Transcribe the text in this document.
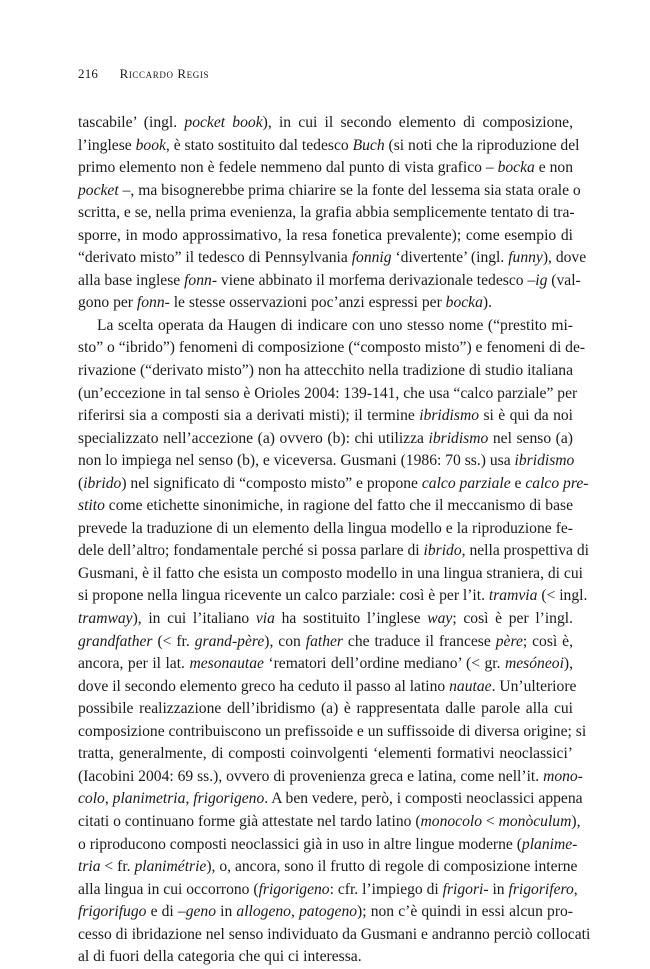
216 Riccardo Regis
tascabile’ (ingl. pocket book), in cui il secondo elemento di composizione,
l’inglese book, è stato sostituito dal tedesco Buch (si noti che la riproduzione del
primo elemento non è fedele nemmeno dal punto di vista grafico – bocka e non
pocket –, ma bisognerebbe prima chiarire se la fonte del lessema sia stata orale o
scritta, e se, nella prima evenienza, la grafia abbia semplicemente tentato di tra-
sporre, in modo approssimativo, la resa fonetica prevalente); come esempio di
“derivato misto” il tedesco di Pennsylvania fonnig ‘divertente’ (ingl. funny), dove
alla base inglese fonn- viene abbinato il morfema derivazionale tedesco –ig (val-
gono per fonn- le stesse osservazioni poc’anzi espressi per bocka).
La scelta operata da Haugen di indicare con uno stesso nome (“prestito mi-
sto” o “ibrido”) fenomeni di composizione (“composto misto”) e fenomeni di de-
rivazione (“derivato misto”) non ha attecchito nella tradizione di studio italiana
(un’eccezione in tal senso è Orioles 2004: 139-141, che usa “calco parziale” per
riferirsi sia a composti sia a derivati misti); il termine ibridismo si è qui da noi
specializzato nell’accezione (a) ovvero (b): chi utilizza ibridismo nel senso (a)
non lo impiega nel senso (b), e viceversa. Gusmani (1986: 70 ss.) usa ibridismo
(ibrido) nel significato di “composto misto” e propone calco parziale e calco pre-
stito come etichette sinonimiche, in ragione del fatto che il meccanismo di base
prevede la traduzione di un elemento della lingua modello e la riproduzione fe-
dele dell’altro; fondamentale perché si possa parlare di ibrido, nella prospettiva di
Gusmani, è il fatto che esista un composto modello in una lingua straniera, di cui
si propone nella lingua ricevente un calco parziale: così è per l’it. tramvia (< ingl.
tramway), in cui l’italiano via ha sostituito l’inglese way; così è per l’ingl.
grandfather (< fr. grand-père), con father che traduce il francese père; così è,
ancora, per il lat. mesonautae ‘rematori dell’ordine mediano’ (< gr. mesóneoi),
dove il secondo elemento greco ha ceduto il passo al latino nautae. Un’ulteriore
possibile realizzazione dell’ibridismo (a) è rappresentata dalle parole alla cui
composizione contribuiscono un prefissoide e un suffissoide di diversa origine; si
tratta, generalmente, di composti coinvolgenti ‘elementi formativi neoclassici’
(Iacobini 2004: 69 ss.), ovvero di provenienza greca e latina, come nell’it. mono-
colo, planimetria, frigorigeno. A ben vedere, però, i composti neoclassici appena
citati o continuano forme già attestate nel tardo latino (monocolo < monòculum),
o riproducono composti neoclassici già in uso in altre lingue moderne (planime-
tria < fr. planimétrie), o, ancora, sono il frutto di regole di composizione interne
alla lingua in cui occorrono (frigorigeno: cfr. l’impiego di frigori- in frigorifero,
frigorifugo e di –geno in allogeno, patogeno); non c’è quindi in essi alcun pro-
cesso di ibridazione nel senso individuato da Gusmani e andranno perciò collocati
al di fuori della categoria che qui ci interessa.
